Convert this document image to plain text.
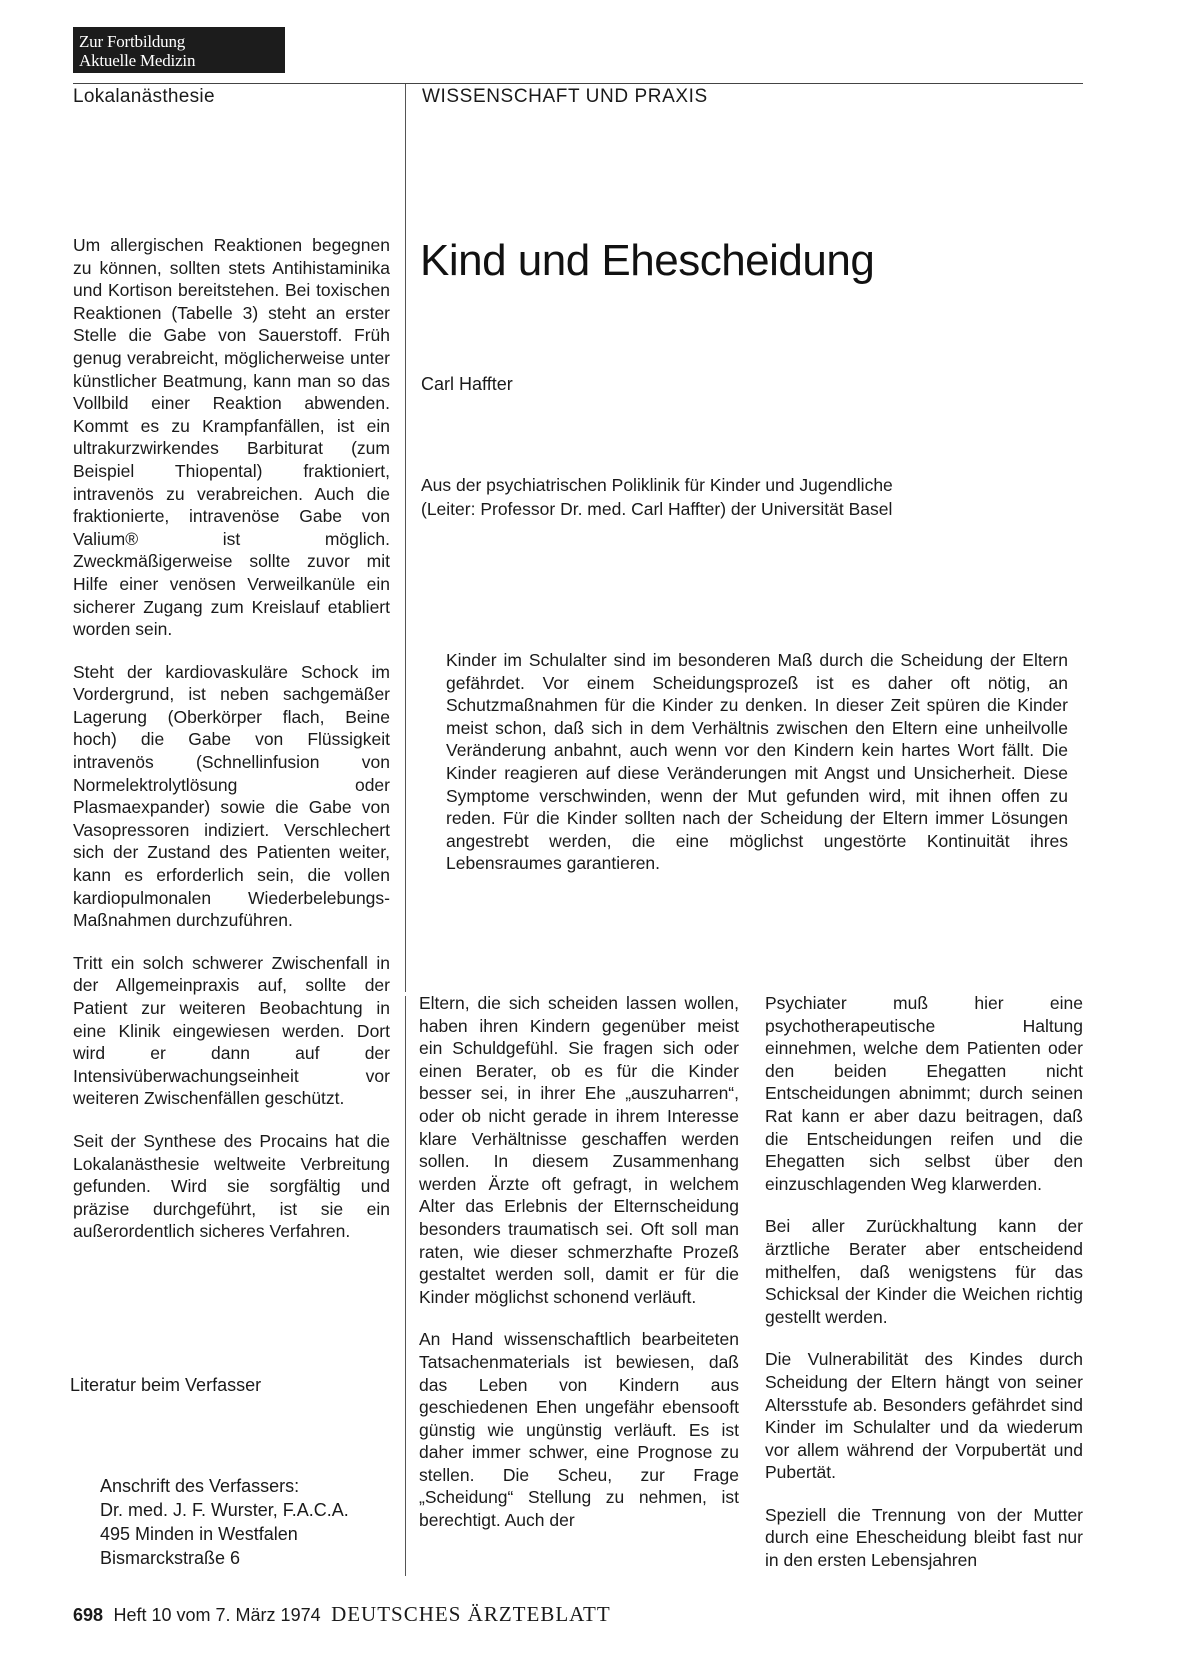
Zur Fortbildung
Aktuelle Medizin
Lokalanästhesie	WISSENSCHAFT UND PRAXIS

Um allergischen Reaktionen begegnen zu können, sollten stets Antihistaminika und Kortison bereitstehen. Bei toxischen Reaktionen (Tabelle 3) steht an erster Stelle die Gabe von Sauerstoff. Früh genug verabreicht, möglicherweise unter künstlicher Beatmung, kann man so das Vollbild einer Reaktion abwenden. Kommt es zu Krampfanfällen, ist ein ultrakurzwirkendes Barbiturat (zum Beispiel Thiopental) fraktioniert, intravenös zu verabreichen. Auch die fraktionierte, intravenöse Gabe von Valium® ist möglich. Zweckmäßigerweise sollte zuvor mit Hilfe einer venösen Verweilkanüle ein sicherer Zugang zum Kreislauf etabliert worden sein.

Steht der kardiovaskuläre Schock im Vordergrund, ist neben sachgemäßer Lagerung (Oberkörper flach, Beine hoch) die Gabe von Flüssigkeit intravenös (Schnellinfusion von Normelektrolytlösung oder Plasmaexpander) sowie die Gabe von Vasopressoren indiziert. Verschlechert sich der Zustand des Patienten weiter, kann es erforderlich sein, die vollen kardiopulmonalen Wiederbelebungs-Maßnahmen durchzuführen.

Tritt ein solch schwerer Zwischenfall in der Allgemeinpraxis auf, sollte der Patient zur weiteren Beobachtung in eine Klinik eingewiesen werden. Dort wird er dann auf der Intensivüberwachungseinheit vor weiteren Zwischenfällen geschützt.

Seit der Synthese des Procains hat die Lokalanästhesie weltweite Verbreitung gefunden. Wird sie sorgfältig und präzise durchgeführt, ist sie ein außerordentlich sicheres Verfahren.

Literatur beim Verfasser
Anschrift des Verfassers:
Dr. med. J. F. Wurster, F.A.C.A.
495 Minden in Westfalen
Bismarckstraße 6
Kind und Ehescheidung
Carl Haffter
Aus der psychiatrischen Poliklinik für Kinder und Jugendliche
(Leiter: Professor Dr. med. Carl Haffter) der Universität Basel
Kinder im Schulalter sind im besonderen Maß durch die Scheidung der Eltern gefährdet. Vor einem Scheidungsprozeß ist es daher oft nötig, an Schutzmaßnahmen für die Kinder zu denken. In dieser Zeit spüren die Kinder meist schon, daß sich in dem Verhältnis zwischen den Eltern eine unheilvolle Veränderung anbahnt, auch wenn vor den Kindern kein hartes Wort fällt. Die Kinder reagieren auf diese Veränderungen mit Angst und Unsicherheit. Diese Symptome verschwinden, wenn der Mut gefunden wird, mit ihnen offen zu reden. Für die Kinder sollten nach der Scheidung der Eltern immer Lösungen angestrebt werden, die eine möglichst ungestörte Kontinuität ihres Lebensraumes garantieren.

Eltern, die sich scheiden lassen wollen, haben ihren Kindern gegenüber meist ein Schuldgefühl. Sie fragen sich oder einen Berater, ob es für die Kinder besser sei, in ihrer Ehe „auszuharren“, oder ob nicht gerade in ihrem Interesse klare Verhältnisse geschaffen werden sollen. In diesem Zusammenhang werden Ärzte oft gefragt, in welchem Alter das Erlebnis der Elternscheidung besonders traumatisch sei. Oft soll man raten, wie dieser schmerzhafte Prozeß gestaltet werden soll, damit er für die Kinder möglichst schonend verläuft.

An Hand wissenschaftlich bearbeiteten Tatsachenmaterials ist bewiesen, daß das Leben von Kindern aus geschiedenen Ehen ungefähr ebensooft günstig wie ungünstig verläuft. Es ist daher immer schwer, eine Prognose zu stellen. Die Scheu, zur Frage „Scheidung“ Stellung zu nehmen, ist berechtigt. Auch der

Psychiater muß hier eine psychotherapeutische Haltung einnehmen, welche dem Patienten oder den beiden Ehegatten nicht Entscheidungen abnimmt; durch seinen Rat kann er aber dazu beitragen, daß die Entscheidungen reifen und die Ehegatten sich selbst über den einzuschlagenden Weg klarwerden.

Bei aller Zurückhaltung kann der ärztliche Berater aber entscheidend mithelfen, daß wenigstens für das Schicksal der Kinder die Weichen richtig gestellt werden.

Die Vulnerabilität des Kindes durch Scheidung der Eltern hängt von seiner Altersstufe ab. Besonders gefährdet sind Kinder im Schulalter und da wiederum vor allem während der Vorpubertät und Pubertät.

Speziell die Trennung von der Mutter durch eine Ehescheidung bleibt fast nur in den ersten Lebensjahren

698 Heft 10 vom 7. März 1974 DEUTSCHES ÄRZTEBLATT
